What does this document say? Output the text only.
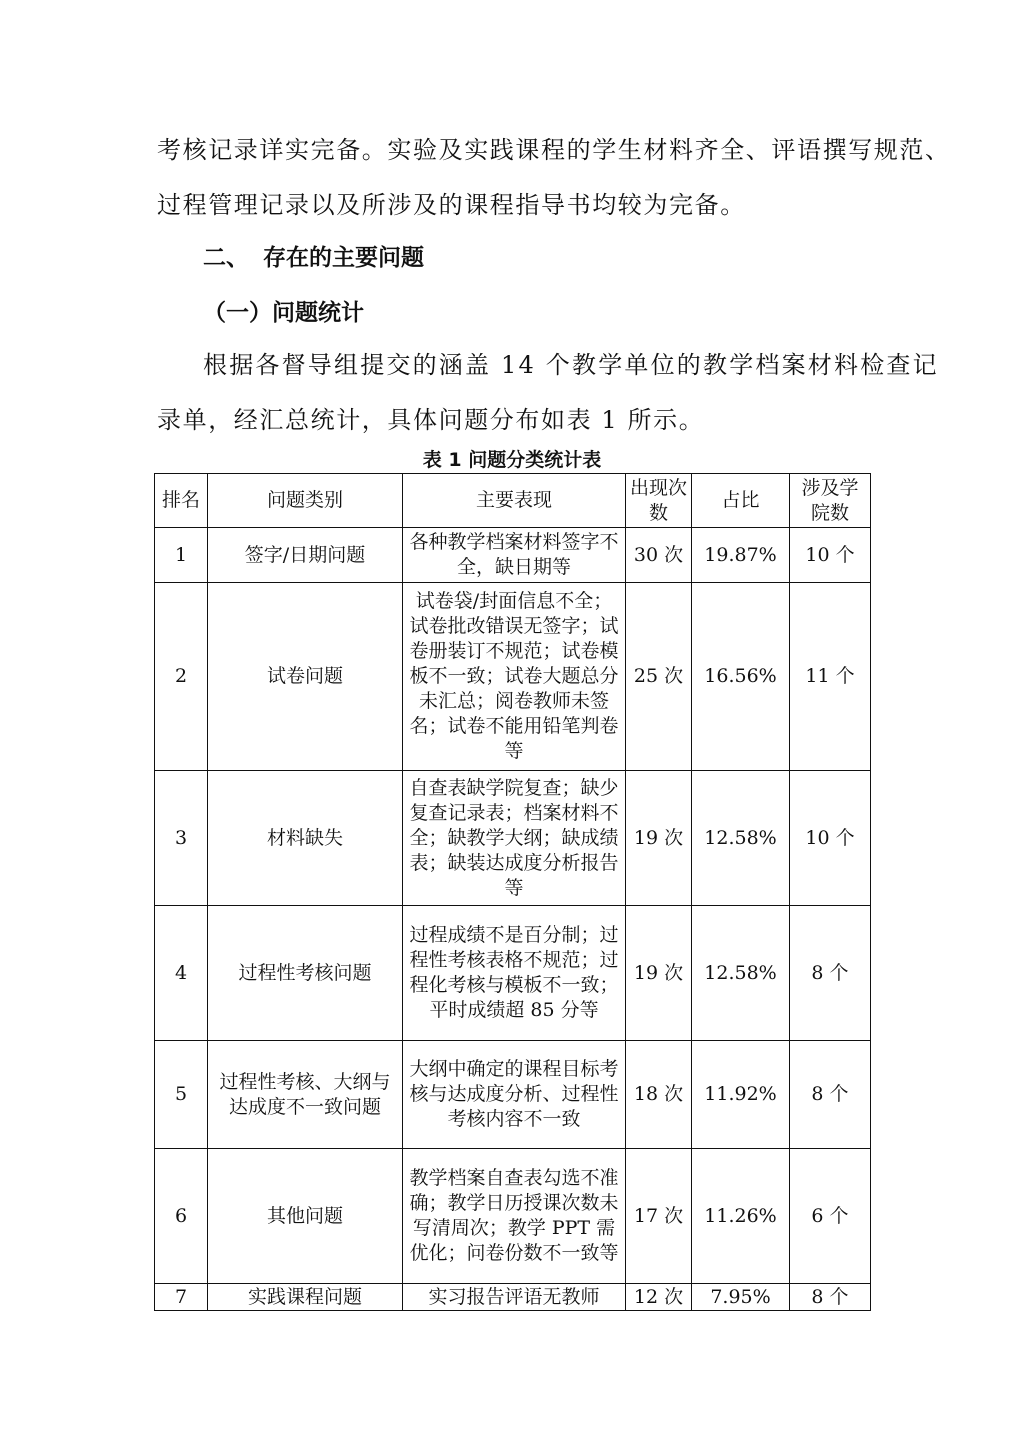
考核记录详实完备。实验及实践课程的学生材料齐全、评语撰写规范、
过程管理记录以及所涉及的课程指导书均较为完备。
二、 存在的主要问题
（一）问题统计
根据各督导组提交的涵盖 14 个教学单位的教学档案材料检查记
录单，经汇总统计，具体问题分布如表 1 所示。
表 1 问题分类统计表
排名	问题类别	主要表现	出现次数	占比	涉及学院数
1	签字/日期问题	各种教学档案材料签字不全，缺日期等	30 次	19.87%	10 个
2	试卷问题	试卷袋/封面信息不全；试卷批改错误无签字；试卷册装订不规范；试卷模板不一致；试卷大题总分未汇总；阅卷教师未签名；试卷不能用铅笔判卷等	25 次	16.56%	11 个
3	材料缺失	自查表缺学院复查；缺少复查记录表；档案材料不全；缺教学大纲；缺成绩表；缺装达成度分析报告等	19 次	12.58%	10 个
4	过程性考核问题	过程成绩不是百分制；过程性考核表格不规范；过程化考核与模板不一致；平时成绩超 85 分等	19 次	12.58%	8 个
5	过程性考核、大纲与达成度不一致问题	大纲中确定的课程目标考核与达成度分析、过程性考核内容不一致	18 次	11.92%	8 个
6	其他问题	教学档案自查表勾选不准确；教学日历授课次数未写清周次；教学 PPT 需优化；问卷份数不一致等	17 次	11.26%	6 个
7	实践课程问题	实习报告评语无教师	12 次	7.95%	8 个
